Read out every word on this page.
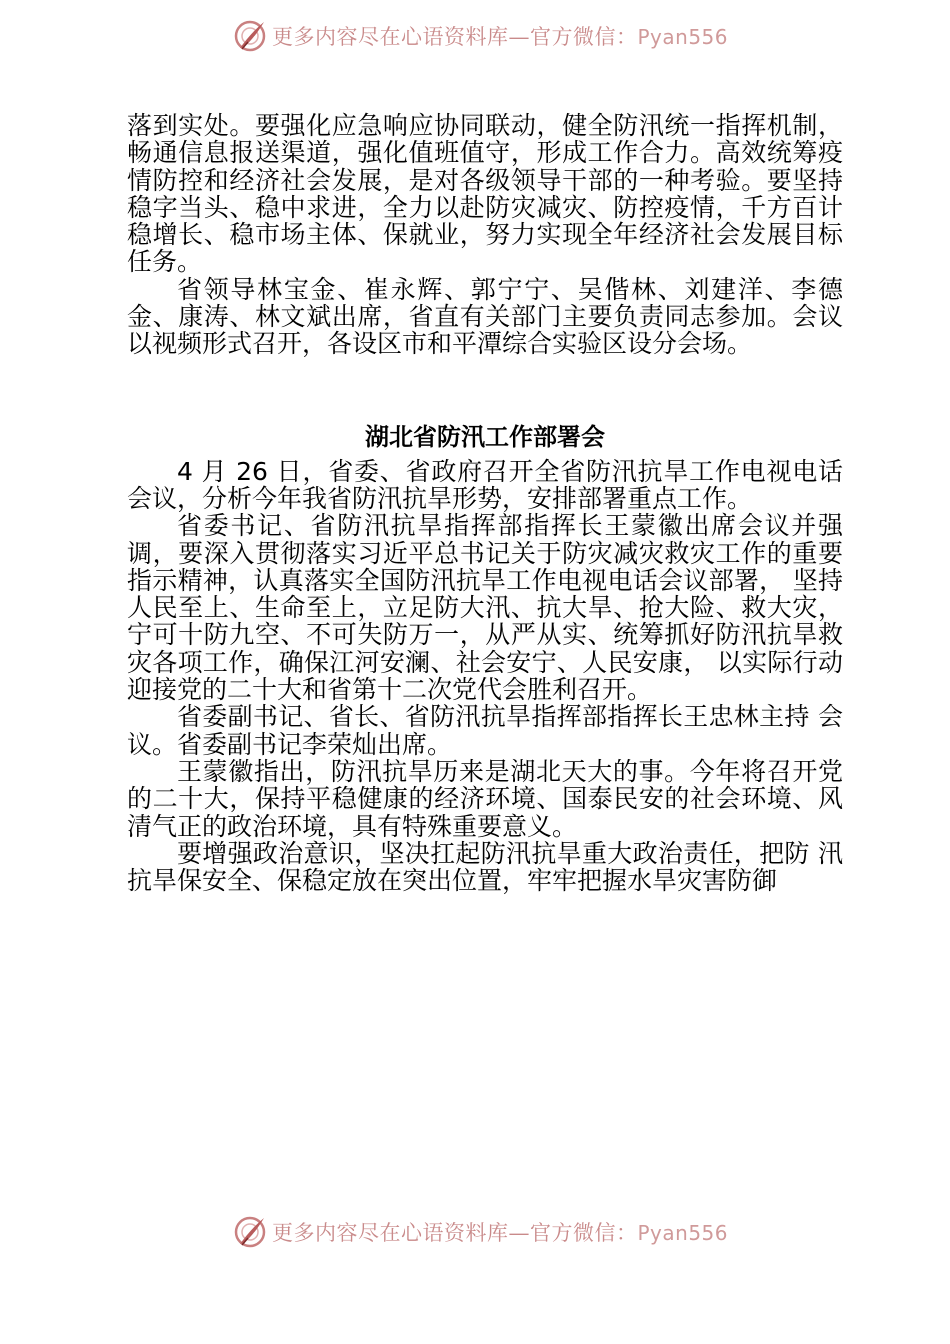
更多内容尽在心语资料库—官方微信：Pyan556

落到实处。要强化应急响应协同联动，健全防汛统一指挥机制， 畅通信息报送渠道，强化值班值守，形成工作合力。高效统筹疫情防控和经济社会发展，是对各级领导干部的一种考验。要坚持稳字当头、稳中求进，全力以赴防灾减灾、防控疫情，千方百计稳增长、稳市场主体、保就业，努力实现全年经济社会发展目标任务。

省领导林宝金、崔永辉、郭宁宁、吴偕林、刘建洋、李德金、康涛、林文斌出席，省直有关部门主要负责同志参加。会议以视频形式召开，各设区市和平潭综合实验区设分会场。

湖北省防汛工作部署会

4 月 26 日，省委、省政府召开全省防汛抗旱工作电视电话会议，分析今年我省防汛抗旱形势，安排部署重点工作。

省委书记、省防汛抗旱指挥部指挥长王蒙徽出席会议并强调，要深入贯彻落实习近平总书记关于防灾减灾救灾工作的重要指示精神，认真落实全国防汛抗旱工作电视电话会议部署， 坚持人民至上、生命至上，立足防大汛、抗大旱、抢大险、救大灾，宁可十防九空、不可失防万一，从严从实、统筹抓好防汛抗旱救灾各项工作，确保江河安澜、社会安宁、人民安康， 以实际行动迎接党的二十大和省第十二次党代会胜利召开。

省委副书记、省长、省防汛抗旱指挥部指挥长王忠林主持 会议。省委副书记李荣灿出席。

王蒙徽指出，防汛抗旱历来是湖北天大的事。今年将召开党的二十大，保持平稳健康的经济环境、国泰民安的社会环境、风清气正的政治环境，具有特殊重要意义。

要增强政治意识，坚决扛起防汛抗旱重大政治责任，把防 汛抗旱保安全、保稳定放在突出位置，牢牢把握水旱灾害防御

更多内容尽在心语资料库—官方微信：Pyan556
